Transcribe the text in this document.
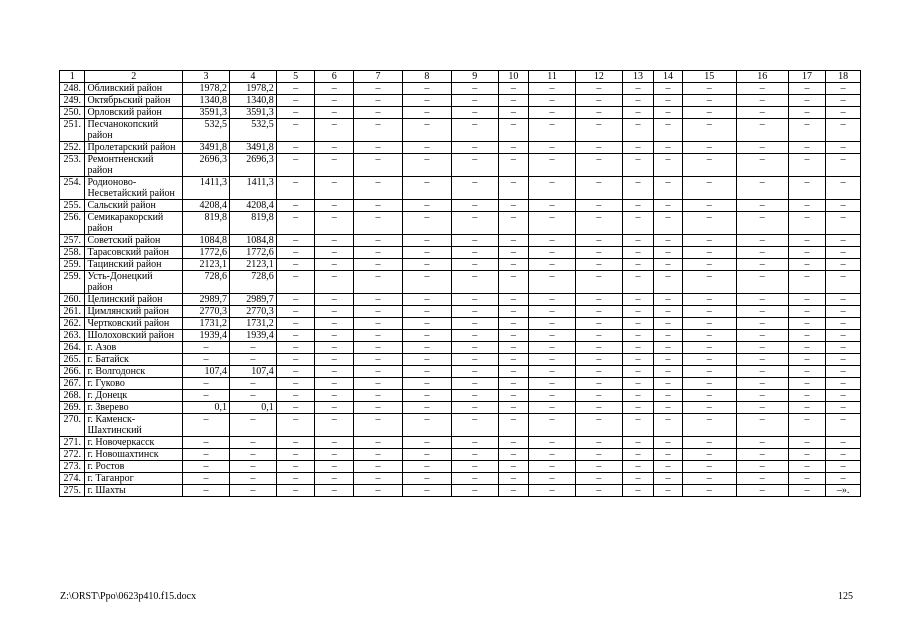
1	2	3	4	5	6	7	8	9	10	11	12	13	14	15	16	17	18
248.	Обливский район	1978,2	1978,2	–	–	–	–	–	–	–	–	–	–	–	–	–	–
249.	Октябрьский район	1340,8	1340,8	–	–	–	–	–	–	–	–	–	–	–	–	–	–
250.	Орловский район	3591,3	3591,3	–	–	–	–	–	–	–	–	–	–	–	–	–	–
251.	Песчанокопский район	532,5	532,5	–	–	–	–	–	–	–	–	–	–	–	–	–	–
252.	Пролетарский район	3491,8	3491,8	–	–	–	–	–	–	–	–	–	–	–	–	–	–
253.	Ремонтненский район	2696,3	2696,3	–	–	–	–	–	–	–	–	–	–	–	–	–	–
254.	Родионово-Несветайский район	1411,3	1411,3	–	–	–	–	–	–	–	–	–	–	–	–	–	–
255.	Сальский район	4208,4	4208,4	–	–	–	–	–	–	–	–	–	–	–	–	–	–
256.	Семикаракорский район	819,8	819,8	–	–	–	–	–	–	–	–	–	–	–	–	–	–
257.	Советский район	1084,8	1084,8	–	–	–	–	–	–	–	–	–	–	–	–	–	–
258.	Тарасовский район	1772,6	1772,6	–	–	–	–	–	–	–	–	–	–	–	–	–	–
259.	Тацинский район	2123,1	2123,1	–	–	–	–	–	–	–	–	–	–	–	–	–	–
259.	Усть-Донецкий район	728,6	728,6	–	–	–	–	–	–	–	–	–	–	–	–	–	–
260.	Целинский район	2989,7	2989,7	–	–	–	–	–	–	–	–	–	–	–	–	–	–
261.	Цимлянский район	2770,3	2770,3	–	–	–	–	–	–	–	–	–	–	–	–	–	–
262.	Чертковский район	1731,2	1731,2	–	–	–	–	–	–	–	–	–	–	–	–	–	–
263.	Шолоховский район	1939,4	1939,4	–	–	–	–	–	–	–	–	–	–	–	–	–	–
264.	г. Азов	–	–	–	–	–	–	–	–	–	–	–	–	–	–	–	–
265.	г. Батайск	–	–	–	–	–	–	–	–	–	–	–	–	–	–	–	–
266.	г. Волгодонск	107,4	107,4	–	–	–	–	–	–	–	–	–	–	–	–	–	–
267.	г. Гуково	–	–	–	–	–	–	–	–	–	–	–	–	–	–	–	–
268.	г. Донецк	–	–	–	–	–	–	–	–	–	–	–	–	–	–	–	–
269.	г. Зверево	0,1	0,1	–	–	–	–	–	–	–	–	–	–	–	–	–	–
270.	г. Каменск-Шахтинский	–	–	–	–	–	–	–	–	–	–	–	–	–	–	–	–
271.	г. Новочеркасск	–	–	–	–	–	–	–	–	–	–	–	–	–	–	–	–
272.	г. Новошахтинск	–	–	–	–	–	–	–	–	–	–	–	–	–	–	–	–
273.	г. Ростов	–	–	–	–	–	–	–	–	–	–	–	–	–	–	–	–
274.	г. Таганрог	–	–	–	–	–	–	–	–	–	–	–	–	–	–	–	–
275.	г. Шахты	–	–	–	–	–	–	–	–	–	–	–	–	–	–	–	–».
Z:\ORST\Ppo\0623p410.f15.docx	125
